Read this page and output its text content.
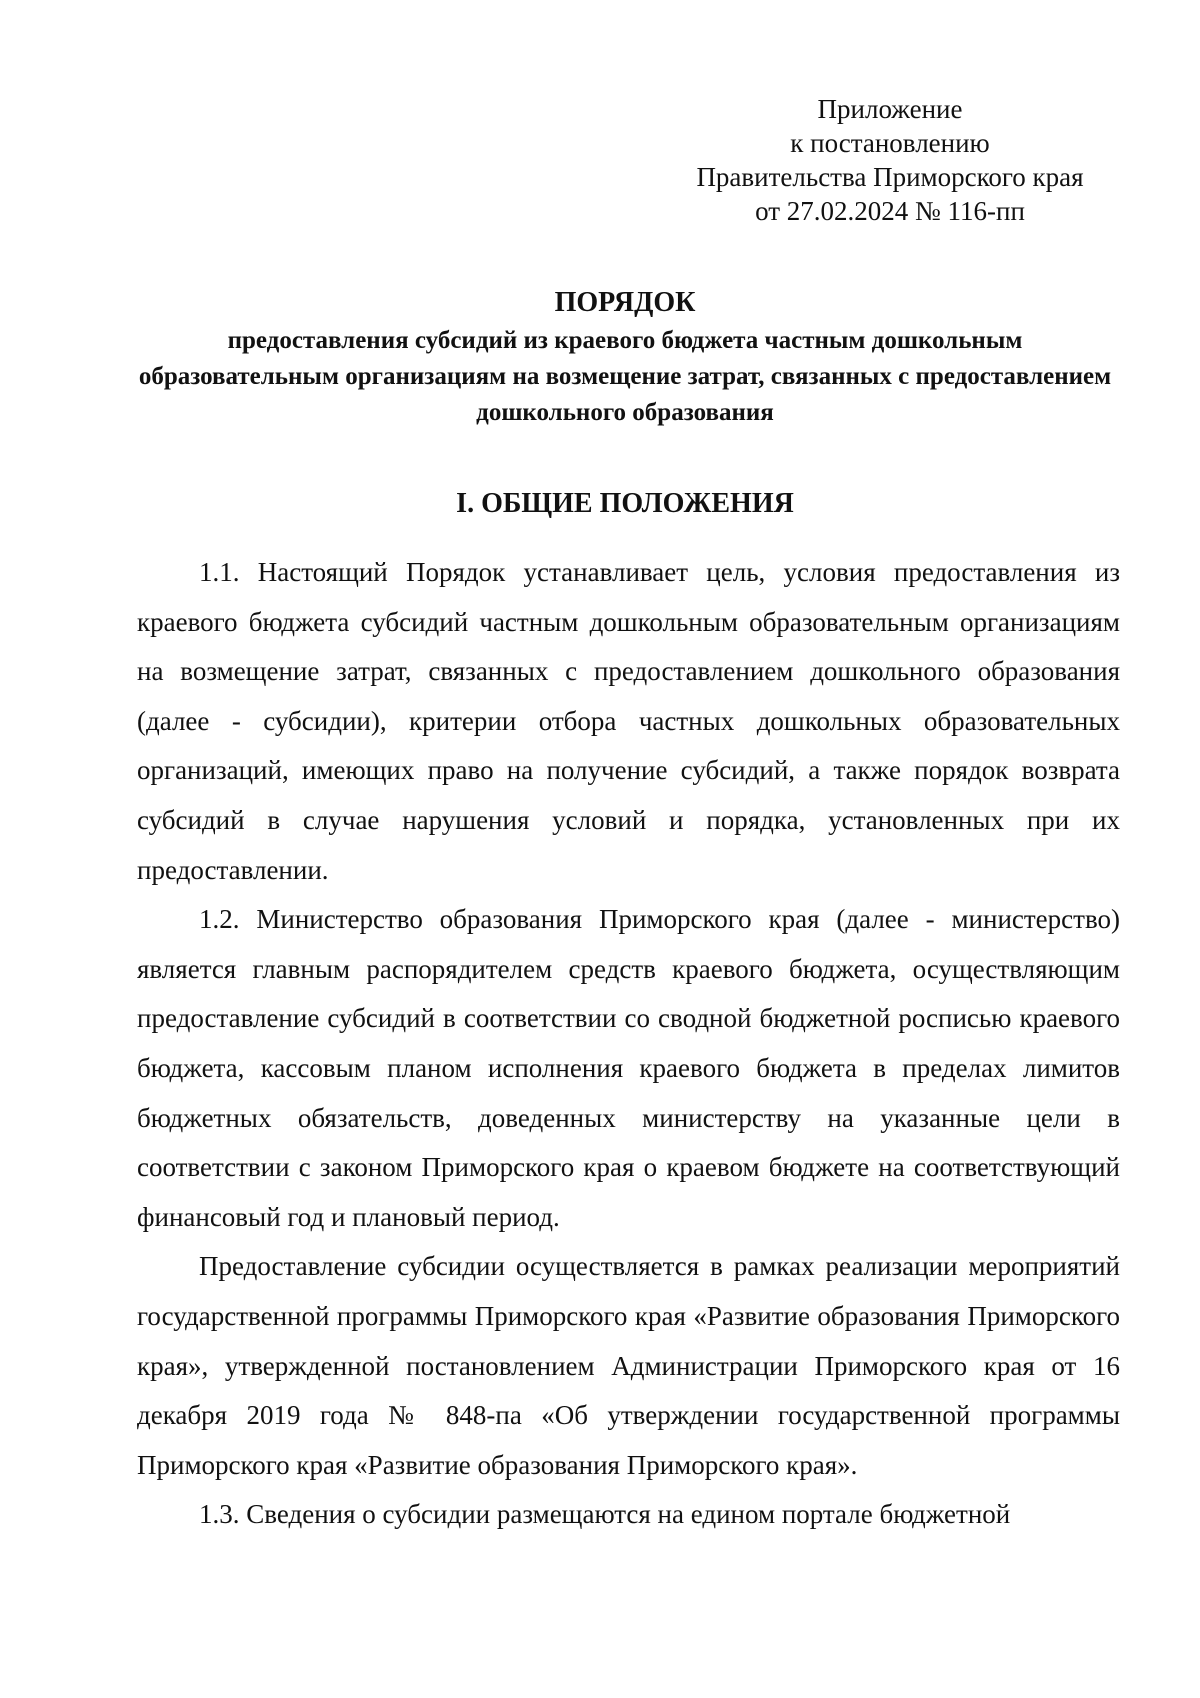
Приложение
к постановлению
Правительства Приморского края
от 27.02.2024 № 116-пп
ПОРЯДОК
предоставления субсидий из краевого бюджета частным дошкольным образовательным организациям на возмещение затрат, связанных с предоставлением дошкольного образования
I. ОБЩИЕ ПОЛОЖЕНИЯ

1.1. Настоящий Порядок устанавливает цель, условия предоставления из краевого бюджета субсидий частным дошкольным образовательным организациям на возмещение затрат, связанных с предоставлением дошкольного образования (далее - субсидии), критерии отбора частных дошкольных образовательных организаций, имеющих право на получение субсидий, а также порядок возврата субсидий в случае нарушения условий и порядка, установленных при их предоставлении.

1.2. Министерство образования Приморского края (далее - министерство) является главным распорядителем средств краевого бюджета, осуществляющим предоставление субсидий в соответствии со сводной бюджетной росписью краевого бюджета, кассовым планом исполнения краевого бюджета в пределах лимитов бюджетных обязательств, доведенных министерству на указанные цели в соответствии с законом Приморского края о краевом бюджете на соответствующий финансовый год и плановый период.

Предоставление субсидии осуществляется в рамках реализации мероприятий государственной программы Приморского края «Развитие образования Приморского края», утвержденной постановлением Администрации Приморского края от 16 декабря 2019 года № 848-па «Об утверждении государственной программы Приморского края «Развитие образования Приморского края».

1.3. Сведения о субсидии размещаются на едином портале бюджетной
